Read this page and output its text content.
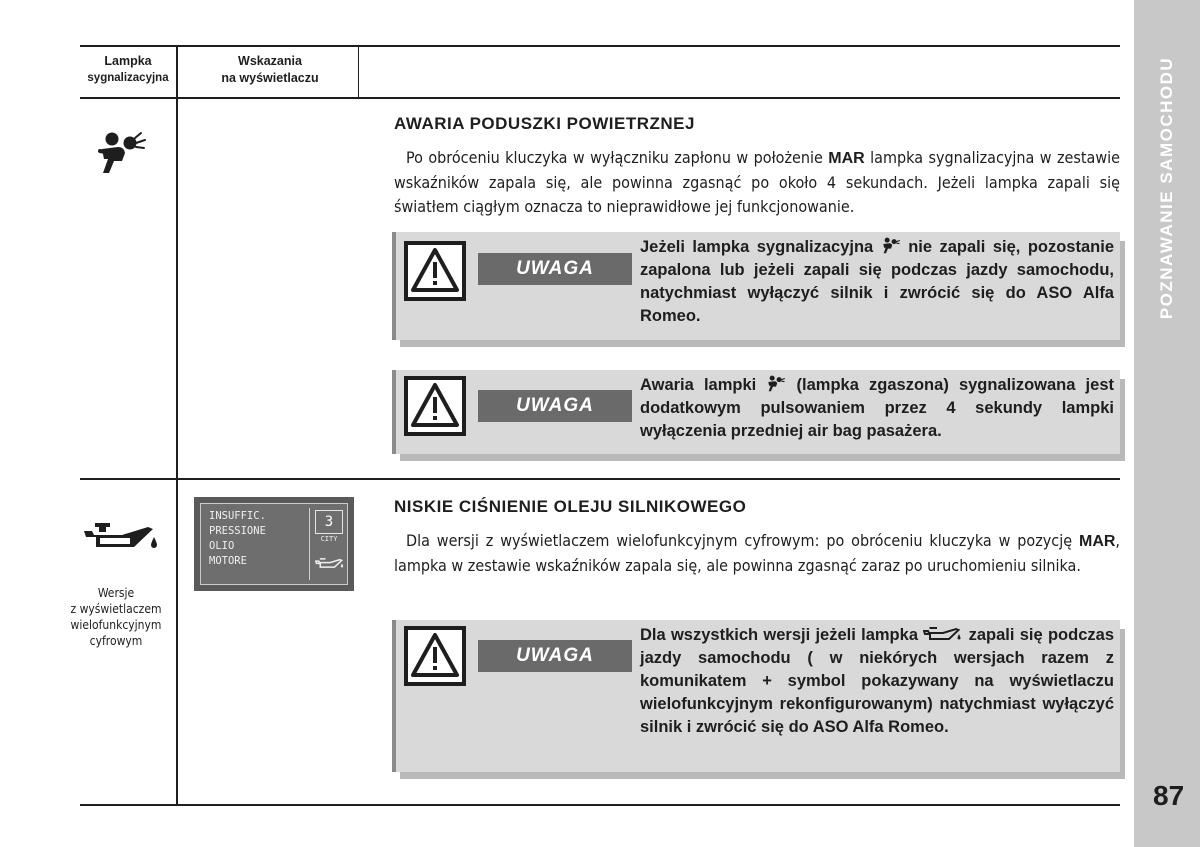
Lampka
sygnalizacyjna
Wskazania
na wyświetlaczu	POZNAWANIE SAMOCHODU
87
AWARIA PODUSZKI POWIETRZNEJ
Po obróceniu kluczyka w wyłączniku zapłonu w położenie MAR lampka sygnalizacyjna w zestawie wskaźników zapala się, ale powinna zgasnąć po około 4 sekundach. Jeżeli lampka zapali się światłem ciągłym oznacza to nieprawidłowe jej funkcjonowanie.
UWAGA
Jeżeli lampka sygnalizacyjna  nie zapali się, pozostanie zapalona lub jeżeli zapali się podczas jazdy samochodu, natychmiast wyłączyć silnik i zwrócić się do ASO Alfa Romeo.
UWAGA
Awaria lampki  (lampka zgaszona) sygnalizowana jest dodatkowym pulsowaniem przez 4 sekundy lampki wyłączenia przedniej air bag pasażera.
Wersje
z wyświetlaczem
wielofunkcyjnym
cyfrowym
INSUFFIC.
PRESSIONE
OLIO
MOTORE
3
CITY
NISKIE CIŚNIENIE OLEJU SILNIKOWEGO
Dla wersji z wyświetlaczem wielofunkcyjnym cyfrowym: po obróceniu kluczyka w pozycję MAR, lampka w zestawie wskaźników zapala się, ale powinna zgasnąć zaraz po uruchomieniu silnika.
UWAGA
Dla wszystkich wersji jeżeli lampka  zapali się podczas jazdy samochodu ( w niekórych wersjach razem z komunikatem + symbol pokazywany na wyświetlaczu wielofunkcyjnym rekonfigurowanym) natychmiast wyłączyć silnik i zwrócić się do ASO Alfa Romeo.
